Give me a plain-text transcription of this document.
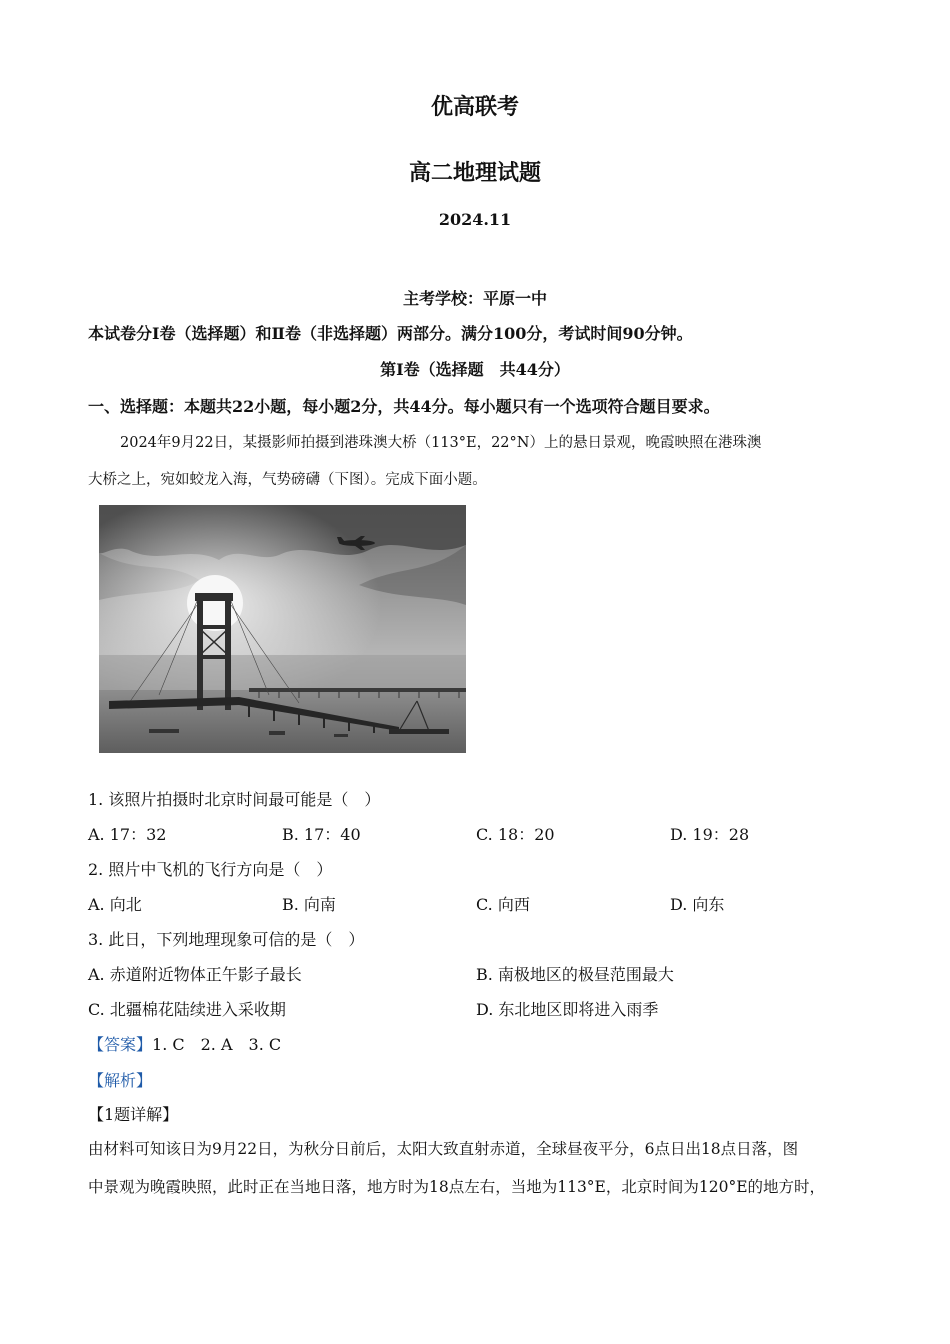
优高联考
高二地理试题
2024.11
主考学校：平原一中
本试卷分Ⅰ卷（选择题）和Ⅱ卷（非选择题）两部分。满分100分，考试时间90分钟。
第Ⅰ卷（选择题　共44分）
一、选择题：本题共22小题，每小题2分，共44分。每小题只有一个选项符合题目要求。
2024年9月22日，某摄影师拍摄到港珠澳大桥（113°E，22°N）上的悬日景观，晚霞映照在港珠澳
大桥之上，宛如蛟龙入海，气势磅礴（下图）。完成下面小题。
1. 该照片拍摄时北京时间最可能是（　）
A. 17：32	B. 17：40	C. 18：20	D. 19：28
2. 照片中飞机的飞行方向是（　）
A. 向北	B. 向南	C. 向西	D. 向东
3. 此日，下列地理现象可信的是（　）
A. 赤道附近物体正午影子最长	B. 南极地区的极昼范围最大
C. 北疆棉花陆续进入采收期	D. 东北地区即将进入雨季
【答案】1. C　2. A　3. C
【解析】
【1题详解】
由材料可知该日为9月22日，为秋分日前后，太阳大致直射赤道，全球昼夜平分，6点日出18点日落，图
中景观为晚霞映照，此时正在当地日落，地方时为18点左右，当地为113°E，北京时间为120°E的地方时，
